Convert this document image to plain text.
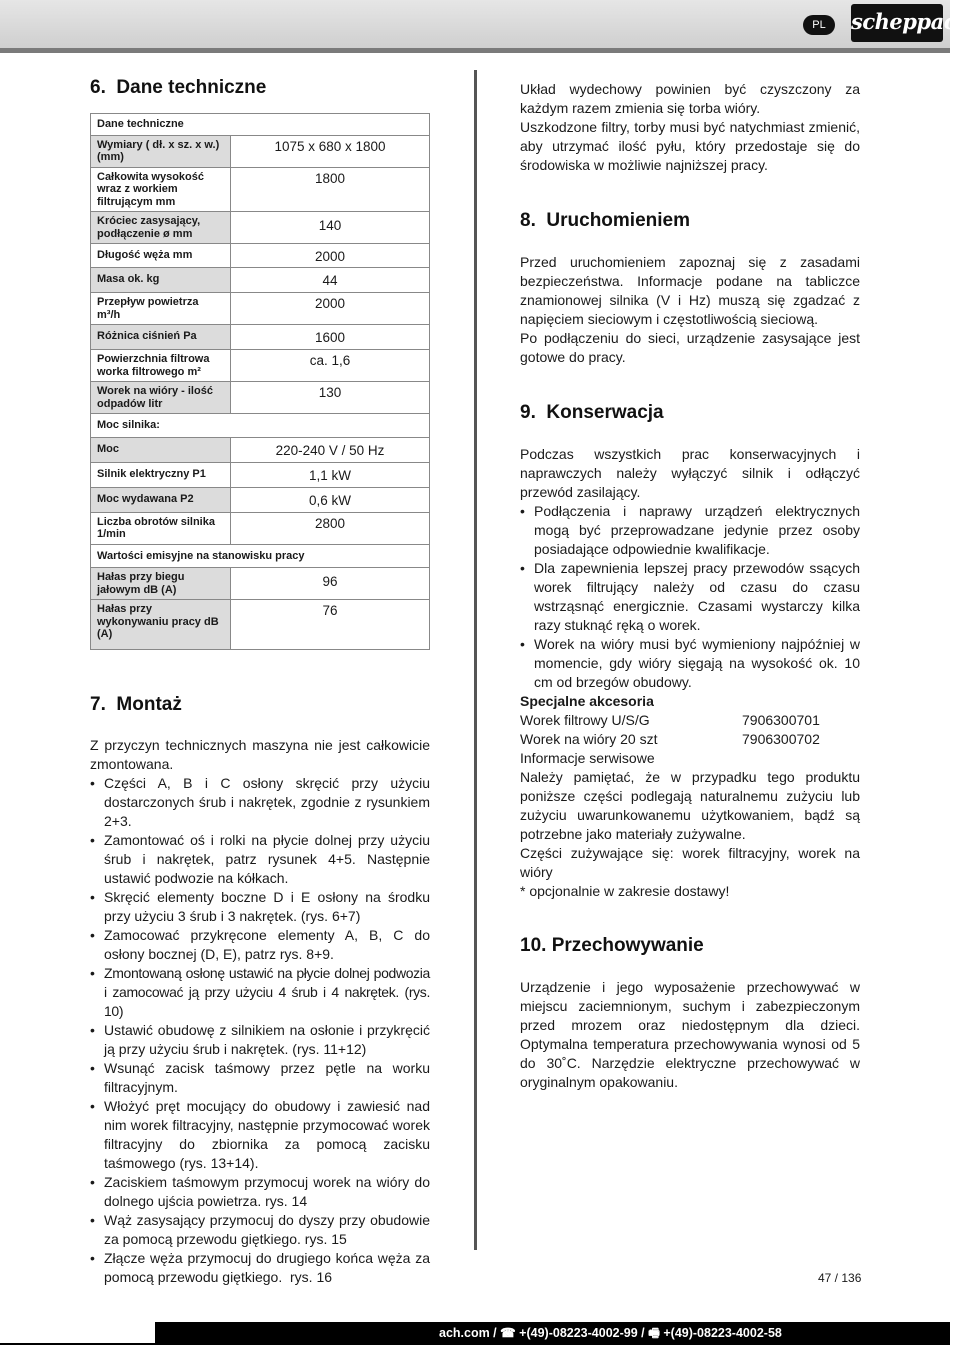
PL	scheppach
6.  Dane techniczne
Dane techniczne	
Wymiary ( dł. x sz. x w.) (mm)	1075 x 680 x 1800
Całkowita wysokość wraz z workiem filtrującym mm	1800
Króciec zasysający, podłączenie ø mm	140
Długość węża mm	2000
Masa ok. kg	44
Przepływ powietrza m³/h	2000
Różnica ciśnień Pa	1600
Powierzchnia filtrowa worka filtrowego m²	ca. 1,6
Worek na wióry - ilość odpadów litr	130
Moc silnika:	
Moc	220-240 V / 50 Hz
Silnik elektryczny P1	1,1 kW
Moc wydawana P2	0,6 kW
Liczba obrotów silnika 1/min	2800
Wartości emisyjne na stanowisku pracy	
Hałas przy biegu jałowym dB (A)	96
Hałas przy wykonywaniu pracy dB (A)	76
7.  Montaż

Z przyczyn technicznych maszyna nie jest całkowicie zmontowana.

• Części A, B i C osłony skręcić przy użyciu dostarczonych śrub i nakrętek, zgodnie z rysunkiem 2+3.
• Zamontować oś i rolki na płycie dolnej przy użyciu śrub i nakrętek, patrz rysunek 4+5. Następnie ustawić podwozie na kółkach.
• Skręcić elementy boczne D i E osłony na środku przy użyciu 3 śrub i 3 nakrętek. (rys. 6+7)
• Zamocować przykręcone elementy A, B, C do osłony bocznej (D, E), patrz rys. 8+9.
• Zmontowaną osłonę ustawić na płycie dolnej podwozia i zamocować ją przy użyciu 4 śrub i 4 nakrętek. (rys. 10)
• Ustawić obudowę z silnikiem na osłonie i przykręcić ją przy użyciu śrub i nakrętek. (rys. 11+12)
• Wsunąć zacisk taśmowy przez pętle na worku filtracyjnym.
• Włożyć pręt mocujący do obudowy i zawiesić nad nim worek filtracyjny, następnie przymocować worek filtracyjny do zbiornika za pomocą zacisku taśmowego (rys. 13+14).
• Zaciskiem taśmowym przymocuj worek na wióry do dolnego ujścia powietrza. rys. 14
• Wąż zasysający przymocuj do dyszy przy obudowie za pomocą przewodu giętkiego. rys. 15
• Złącze węża przymocuj do drugiego końca węża za pomocą przewodu giętkiego.  rys. 16

Układ wydechowy powinien być czyszczony za każdym razem zmienia się torba wióry.
Uszkodzone filtry, torby musi być natychmiast zmienić, aby utrzymać ilość pyłu, który przedostaje się do środowiska w możliwie najniższej pracy.

8.  Uruchomieniem

Przed uruchomieniem zapoznaj się z zasadami bezpieczeństwa. Informacje podane na tabliczce znamionowej silnika (V i Hz) muszą się zgadzać z napięciem sieciowym i częstotliwością sieciową.
Po podłączeniu do sieci, urządzenie zasysające jest gotowe do pracy.

9.  Konserwacja

Podczas wszystkich prac konserwacyjnych i naprawczych należy wyłączyć silnik i odłączyć przewód zasilający.

• Podłączenia i naprawy urządzeń elektrycznych mogą być przeprowadzane jedynie przez osoby posiadające odpowiednie kwalifikacje.
• Dla zapewnienia lepszej pracy przewodów ssących worek filtrujący należy od czasu do czasu wstrząsnąć energicznie. Czasami wystarczy kilka razy stuknąć ręką o worek.
• Worek na wióry musi być wymieniony najpóźniej w momencie, gdy wióry sięgają na wysokość ok. 10 cm od brzegów obudowy.
Specjalne akcesoria
Worek filtrowy U/S/G	7906300701
Worek na wióry 20 szt	7906300702

Informacje serwisowe

Należy pamiętać, że w przypadku tego produktu poniższe części podlegają naturalnemu zużyciu lub zużyciu uwarunkowanemu użytkowaniem, bądź są potrzebne jako materiały zużywalne.
Części zużywające się: worek filtracyjny, worek na wióry
* opcjonalnie w zakresie dostawy!

10. Przechowywanie

Urządzenie i jego wyposażenie przechowywać w miejscu zaciemnionym, suchym i zabezpieczonym przed mrozem oraz niedostępnym dla dzieci. Optymalna temperatura przechowywania wynosi od 5 do 30˚C. Narzędzie elektryczne przechowywać w oryginalnym opakowaniu.

47 / 136
ach.com / ☎ +(49)-08223-4002-99 / 🖷 +(49)-08223-4002-58
